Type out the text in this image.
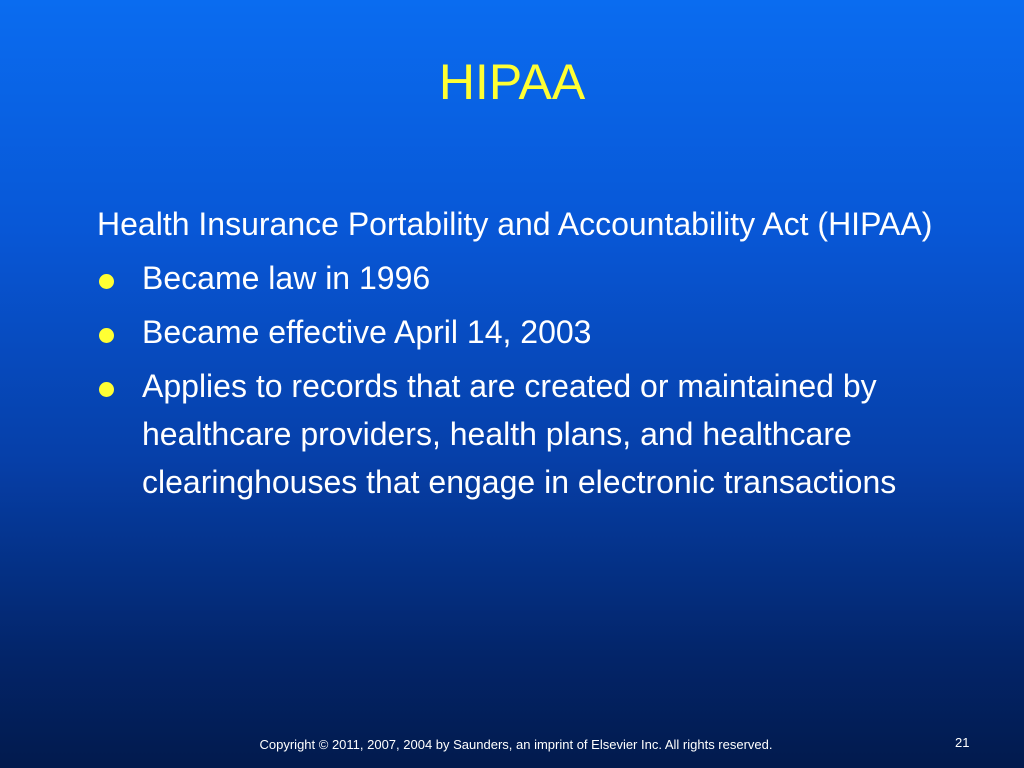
HIPAA
Health Insurance Portability and Accountability Act (HIPAA)
Became law in 1996
Became effective April 14, 2003
Applies to records that are created or maintained by healthcare providers, health plans, and healthcare clearinghouses that engage in electronic transactions
Copyright © 2011, 2007, 2004 by Saunders, an imprint of Elsevier Inc. All rights reserved.	21
